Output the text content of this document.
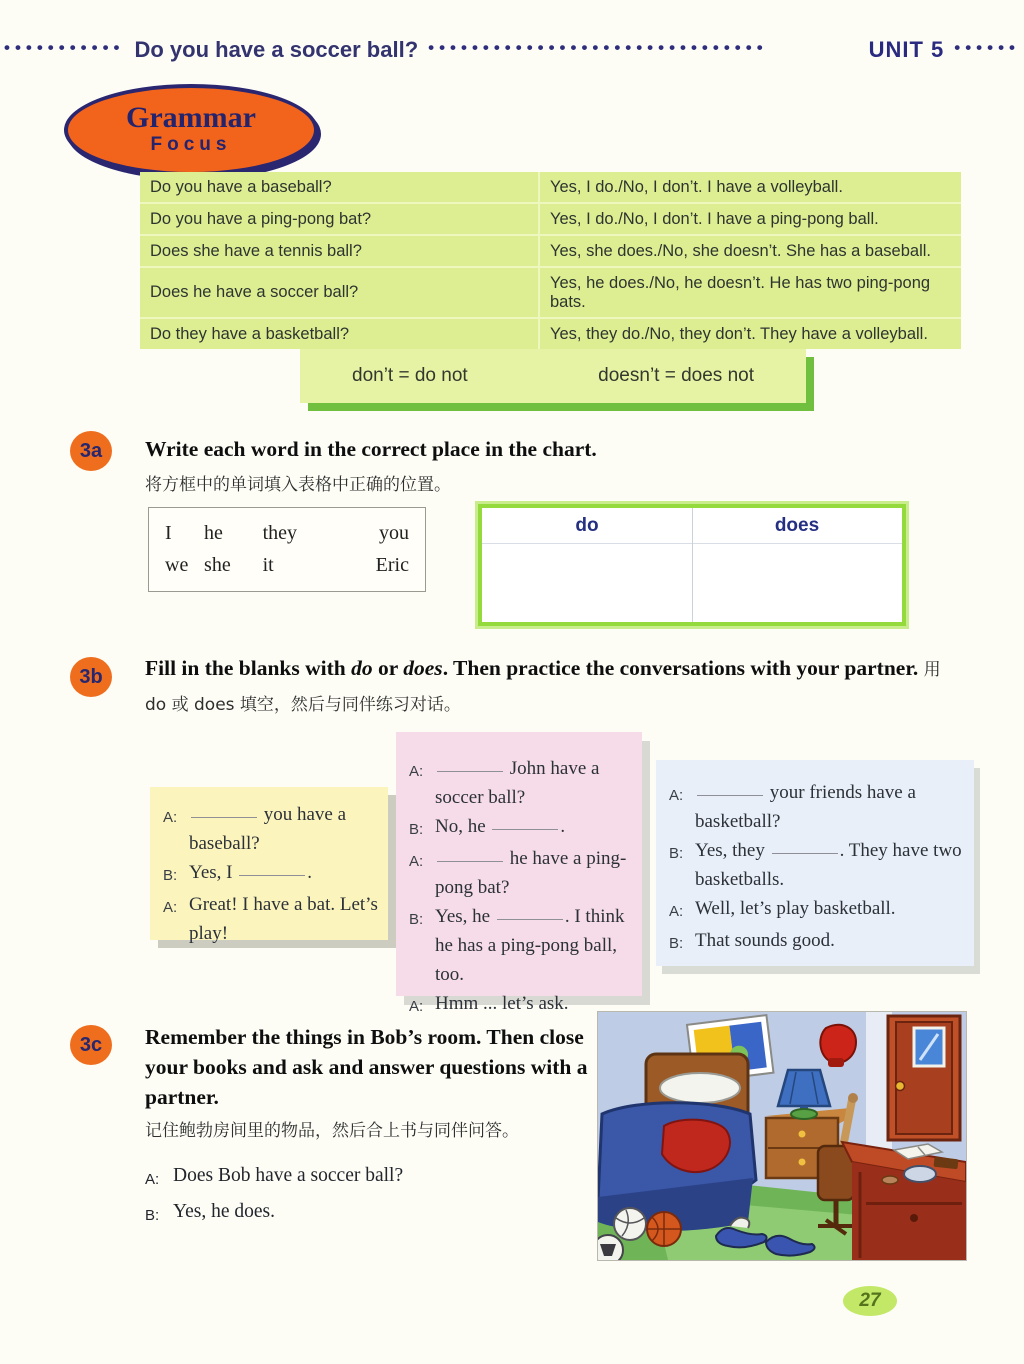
••••••••••• Do you have a soccer ball? •••••••••••••••••••••••••••••••	UNIT 5 ••••••
Grammar
Focus
Do you have a baseball?	Yes, I do./No, I don’t. I have a volleyball.
Do you have a ping-pong bat?	Yes, I do./No, I don’t. I have a ping-pong ball.
Does she have a tennis ball?	Yes, she does./No, she doesn’t. She has a baseball.
Does he have a soccer ball?	Yes, he does./No, he doesn’t. He has two ping-pong bats.
Do they have a basketball?	Yes, they do./No, they don’t. They have a volleyball.
don’t = do not	doesn’t = does not
3a	Write each word in the correct place in the chart.
将方框中的单词填入表格中正确的位置。
I	he	they	you
we she	it	Eric
do	does
3b	Fill in the blanks with do or does. Then practice the conversations with your partner. 用 do 或 does 填空，然后与同伴练习对话。
A:	you have a baseball?
B: Yes, I	.
A: Great! I have a bat. Let’s play!
A:	John have a soccer ball?
B: No, he	.
A:	he have a ping-pong bat?
B: Yes, he	. I think he has a ping-pong ball, too.
A: Hmm ... let’s ask.
A:	your friends have a basketball?
B: Yes, they	. They have two basketballs.
A: Well, let’s play basketball.
B: That sounds good.
3c	Remember the things in Bob’s room. Then close your books and ask and answer questions with a partner.
记住鲍勃房间里的物品，然后合上书与同伴问答。
A: Does Bob have a soccer ball?
B: Yes, he does.
27
